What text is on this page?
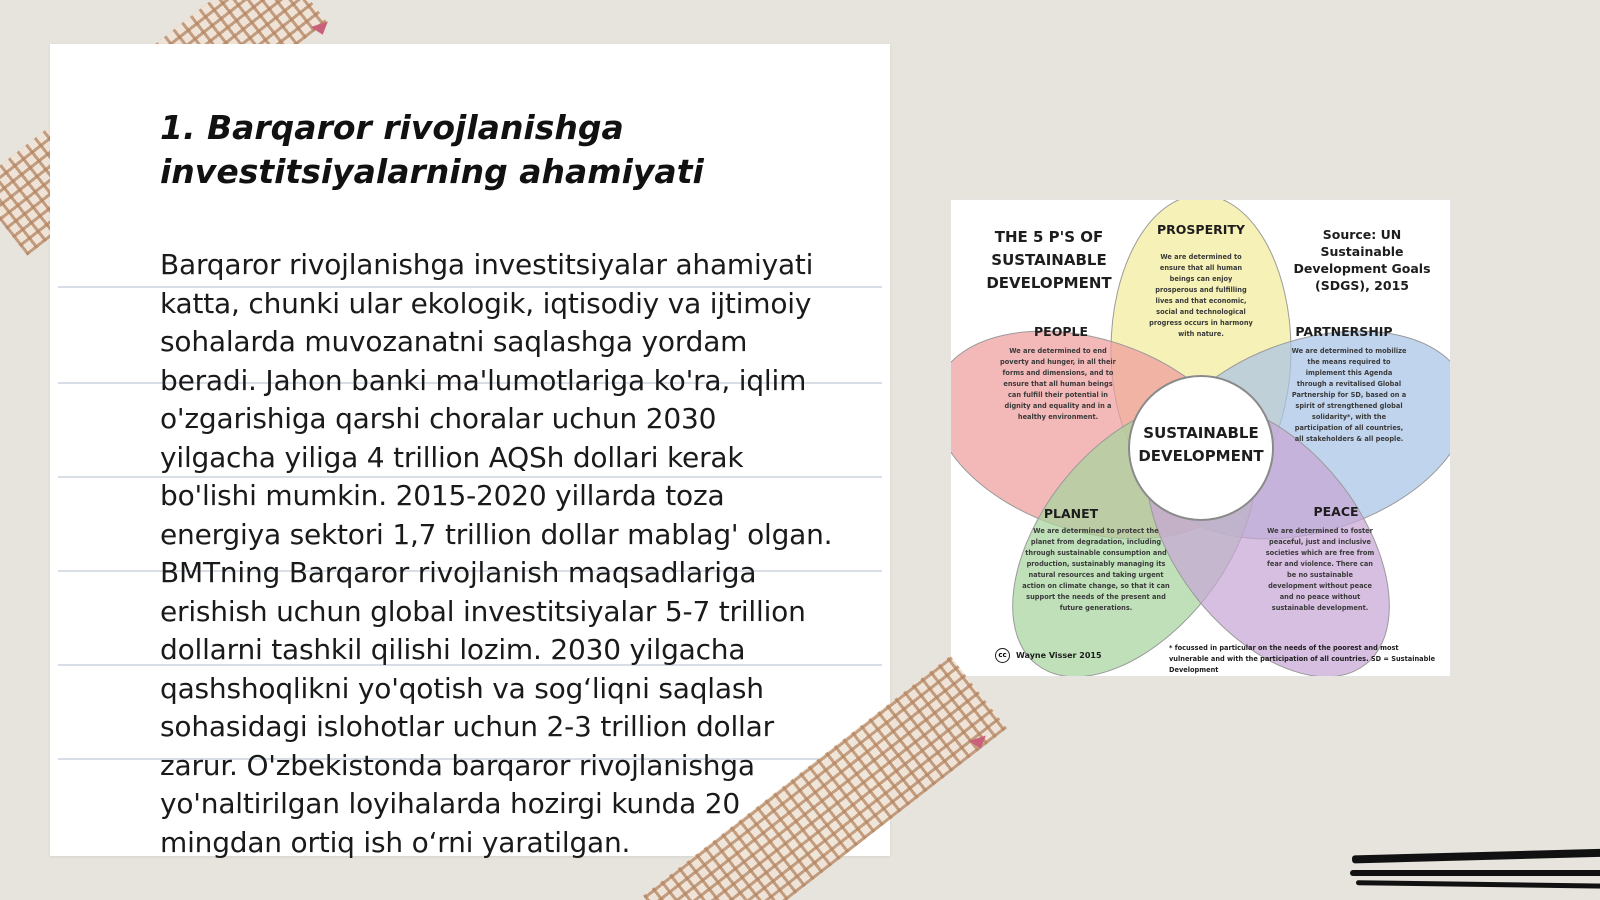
1. Barqaror rivojlanishga investitsiyalarning ahamiyati

Barqaror rivojlanishga investitsiyalar ahamiyati katta, chunki ular ekologik, iqtisodiy va ijtimoiy sohalarda muvozanatni saqlashga yordam beradi. Jahon banki ma'lumotlariga ko'ra, iqlim o'zgarishiga qarshi choralar uchun 2030 yilgacha yiliga 4 trillion AQSh dollari kerak bo'lishi mumkin. 2015-2020 yillarda toza energiya sektori 1,7 trillion dollar mablag' olgan. BMTning Barqaror rivojlanish maqsadlariga erishish uchun global investitsiyalar 5-7 trillion dollarni tashkil qilishi lozim. 2030 yilgacha qashshoqlikni yo'qotish va sog‘liqni saqlash sohasidagi islohotlar uchun 2-3 trillion dollar zarur. O'zbekistonda barqaror rivojlanishga yo'naltirilgan loyihalarda hozirgi kunda 20 mingdan ortiq ish o‘rni yaratilgan.

THE 5 P'S OF SUSTAINABLE DEVELOPMENT
Source: UN Sustainable Development Goals (SDGS), 2015
PROSPERITY
We are determined to ensure that all human beings can enjoy prosperous and fulfilling lives and that economic, social and technological progress occurs in harmony with nature.
PEOPLE
We are determined to end poverty and hunger, in all their forms and dimensions, and to ensure that all human beings can fulfill their potential in dignity and equality and in a healthy environment.
PARTNERSHIP
We are determined to mobilize the means required to implement this Agenda through a revitalised Global Partnership for SD, based on a spirit of strengthened global solidarity*, with the participation of all countries, all stakeholders & all people.
PLANET
We are determined to protect the planet from degradation, including through sustainable consumption and production, sustainably managing its natural resources and taking urgent action on climate change, so that it can support the needs of the present and future generations.
PEACE
We are determined to foster peaceful, just and inclusive societies which are free from fear and violence. There can be no sustainable development without peace and no peace without sustainable development.
SUSTAINABLE DEVELOPMENT
cc	Wayne Visser 2015
* focussed in particular on the needs of the poorest and most vulnerable and with the participation of all countries. SD = Sustainable Development
